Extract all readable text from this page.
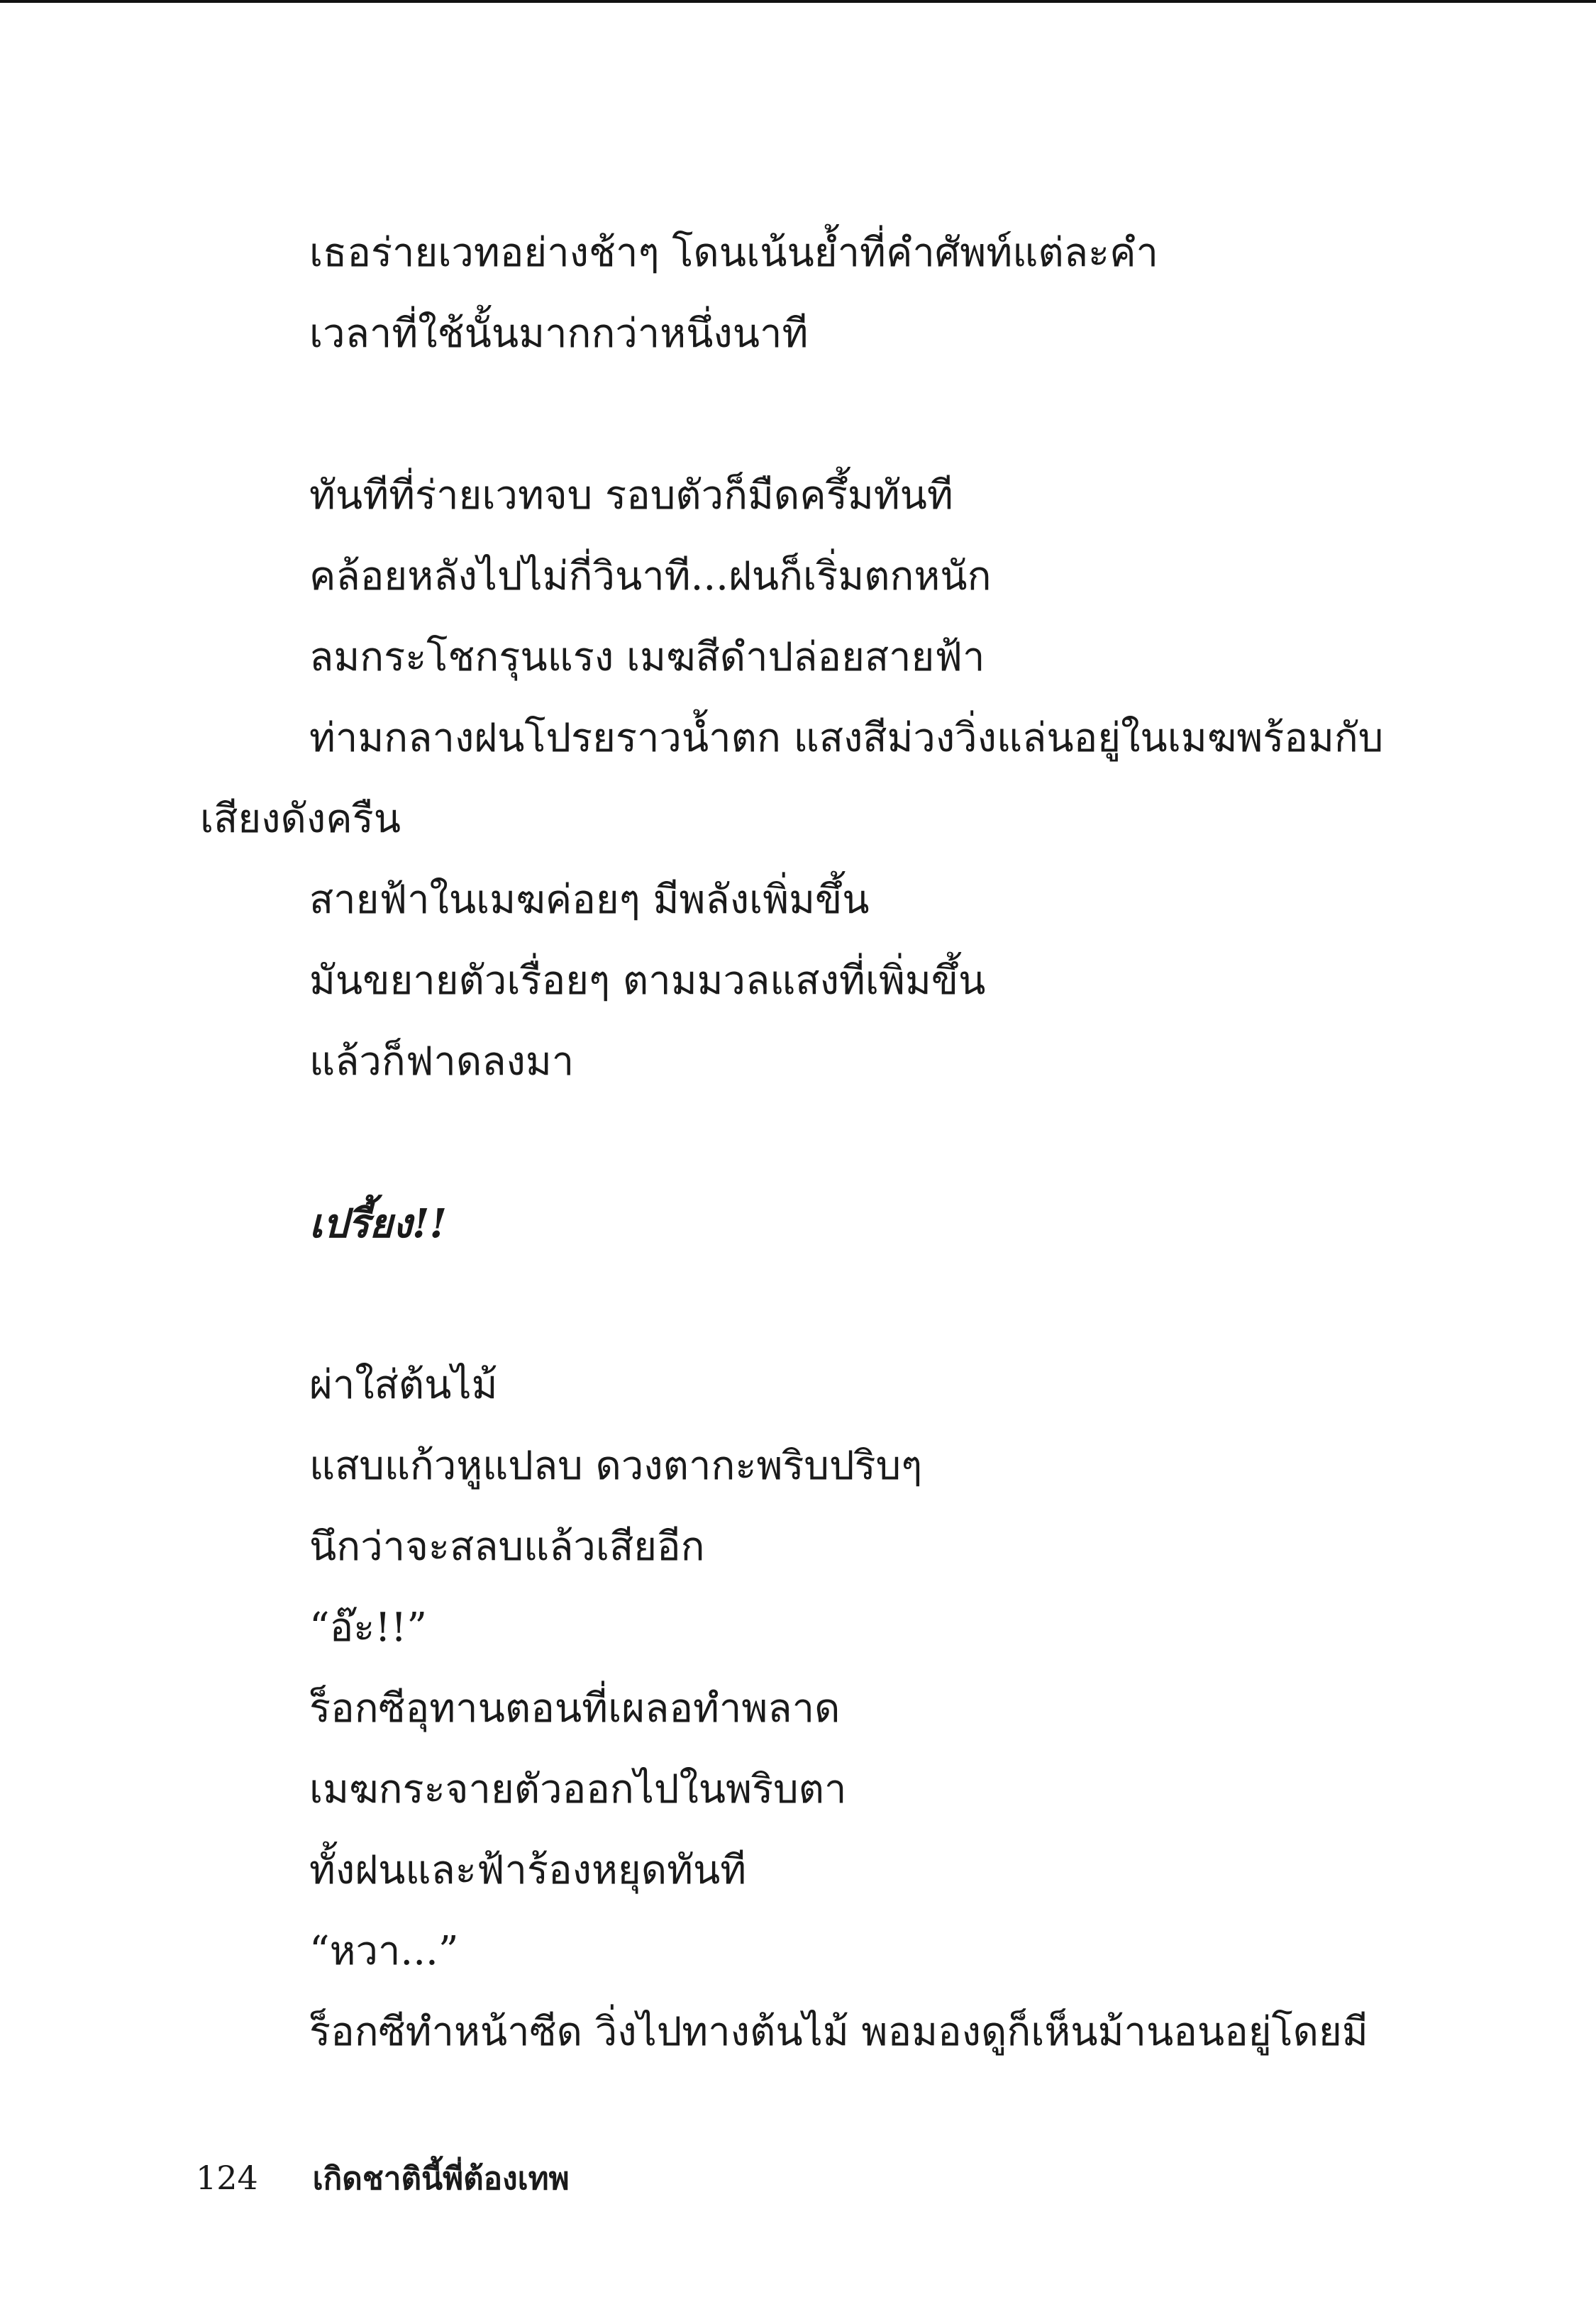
เธอร่ายเวทอย่างช้าๆ โดนเน้นย้ำที่คำศัพท์แต่ละคำ
เวลาที่ใช้นั้นมากกว่าหนึ่งนาที
ทันทีที่ร่ายเวทจบ รอบตัวก็มืดครึ้มทันที
คล้อยหลังไปไม่กี่วินาที...ฝนก็เริ่มตกหนัก
ลมกระโชกรุนแรง เมฆสีดำปล่อยสายฟ้า
ท่ามกลางฝนโปรยราวน้ำตก แสงสีม่วงวิ่งแล่นอยู่ในเมฆพร้อมกับ
เสียงดังครืน
สายฟ้าในเมฆค่อยๆ มีพลังเพิ่มขึ้น
มันขยายตัวเรื่อยๆ ตามมวลแสงที่เพิ่มขึ้น
แล้วก็ฟาดลงมา
เปรี้ยง!!
ผ่าใส่ต้นไม้
แสบแก้วหูแปลบ ดวงตากะพริบปริบๆ
นึกว่าจะสลบแล้วเสียอีก
“อ๊ะ!!”
ร็อกซีอุทานตอนที่เผลอทำพลาด
เมฆกระจายตัวออกไปในพริบตา
ทั้งฝนและฟ้าร้องหยุดทันที
“หวา...”
ร็อกซีทำหน้าซีด วิ่งไปทางต้นไม้ พอมองดูก็เห็นม้านอนอยู่โดยมี
124 เกิดชาตินี้พี่ต้องเทพ
